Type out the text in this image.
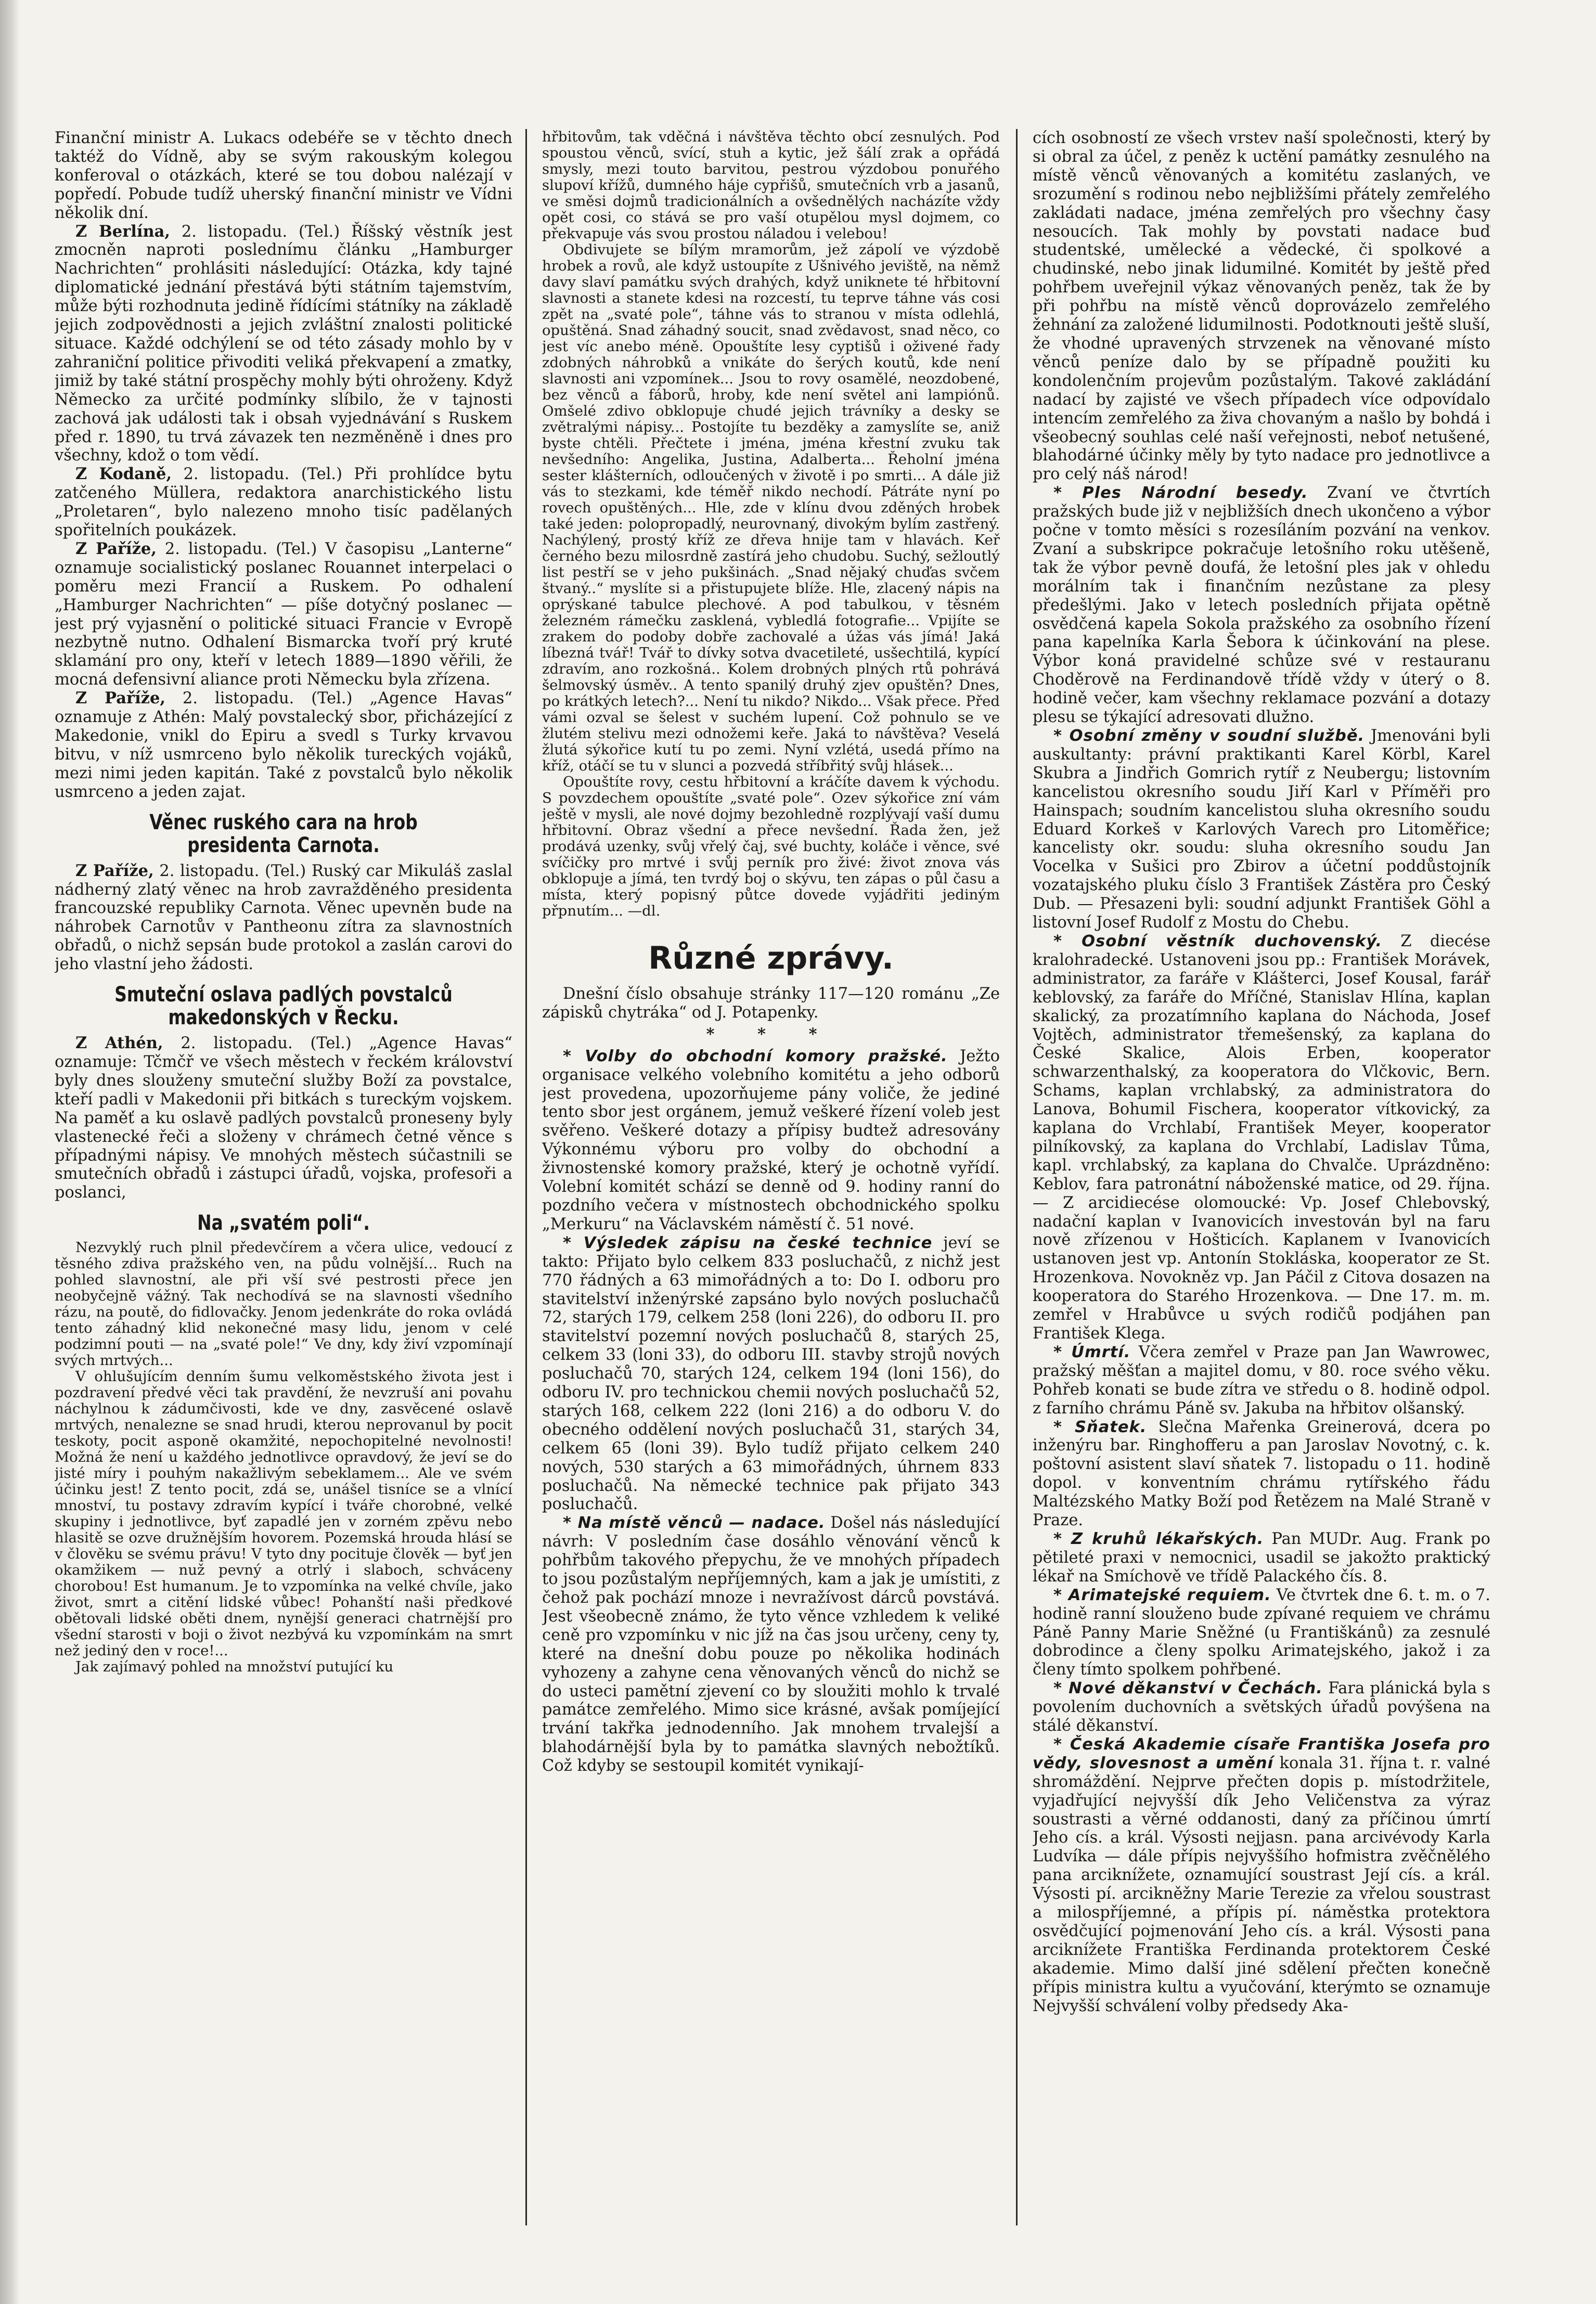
Finanční ministr A. Lukacs odebéře se v těchto dnech taktéž do Vídně, aby se svým rakouským kolegou konferoval o otázkách, které se tou dobou nalézají v popředí. Pobude tudíž uherský finanční ministr ve Vídni několik dní.

Z Berlína, 2. listopadu. (Tel.) Říšský věstník jest zmocněn naproti poslednímu článku „Hamburger Nachrichten“ prohlásiti následující: Otázka, kdy tajné diplomatické jednání přestává býti státním tajemstvím, může býti rozhodnuta jedině řídícími státníky na základě jejich zodpovědnosti a jejich zvláštní znalosti politické situace. Každé odchýlení se od této zásady mohlo by v zahraniční politice přivoditi veliká překvapení a zmatky, jimiž by také státní prospěchy mohly býti ohroženy. Když Německo za určité podmínky slíbilo, že v tajnosti zachová jak události tak i obsah vyjednávání s Ruskem před r. 1890, tu trvá závazek ten nezměněně i dnes pro všechny, kdož o tom vědí.

Z Kodaně, 2. listopadu. (Tel.) Při prohlídce bytu zatčeného Müllera, redaktora anarchistického listu „Proletaren“, bylo nalezeno mnoho tisíc padělaných spořitelních poukázek.

Z Paříže, 2. listopadu. (Tel.) V časopisu „Lanterne“ oznamuje socialistický poslanec Rouannet interpelaci o poměru mezi Francií a Ruskem. Po odhalení „Hamburger Nachrichten“ — píše dotyčný poslanec — jest prý vyjasnění o politické situaci Francie v Evropě nezbytně nutno. Odhalení Bismarcka tvoří prý kruté sklamání pro ony, kteří v letech 1889—1890 věřili, že mocná defensivní aliance proti Německu byla zřízena.

Z Paříže, 2. listopadu. (Tel.) „Agence Havas“ oznamuje z Athén: Malý povstalecký sbor, přicházející z Makedonie, vnikl do Epiru a svedl s Turky krvavou bitvu, v níž usmrceno bylo několik tureckých vojáků, mezi nimi jeden kapitán. Také z povstalců bylo několik usmrceno a jeden zajat.

Věnec ruského cara na hrob presidenta Carnota.

Z Paříže, 2. listopadu. (Tel.) Ruský car Mikuláš zaslal nádherný zlatý věnec na hrob zavražděného presidenta francouzské republiky Carnota. Věnec upevněn bude na náhrobek Carnotův v Pantheonu zítra za slavnostních obřadů, o nichž sepsán bude protokol a zaslán carovi do jeho vlastní jeho žádosti.

Smuteční oslava padlých povstalců makedonských v Řecku.

Z Athén, 2. listopadu. (Tel.) „Agence Havas“ oznamuje: Tčmčř ve všech městech v řeckém království byly dnes slouženy smuteční služby Boží za povstalce, kteří padli v Makedonii při bitkách s tureckým vojskem. Na paměť a ku oslavě padlých povstalců proneseny byly vlastenecké řeči a složeny v chrámech četné věnce s případnými nápisy. Ve mnohých městech súčastnili se smutečních obřadů i zástupci úřadů, vojska, profesoři a poslanci,

Na „svatém poli“.

Nezvyklý ruch plnil předevčírem a včera ulice, vedoucí z těsného zdiva pražského ven, na půdu volnější... Ruch na pohled slavnostní, ale při vší své pestrosti přece jen neobyčejně vážný. Tak nechodívá se na slavnosti všedního rázu, na poutě, do fidlovačky. Jenom jedenkráte do roka ovládá tento záhadný klid nekonečné masy lidu, jenom v celé podzimní pouti — na „svaté pole!“ Ve dny, kdy živí vzpomínají svých mrtvých...

V ohlušujícím denním šumu velkoměstského života jest i pozdravení předvé věci tak pravdění, že nevzruší ani povahu náchylnou k zádumčivosti, kde ve dny, zasvěcené oslavě mrtvých, nenalezne se snad hrudi, kterou neprovanul by pocit teskoty, pocit asponě okamžité, nepochopitelné nevolnosti! Možná že není u každého jednotlivce opravdový, že jeví se do jisté míry i pouhým nakažlivým sebeklamem... Ale ve svém účinku jest! Z tento pocit, zdá se, unášel tisníce se a vlnící mnoství, tu postavy zdravím kypící i tváře chorobné, velké skupiny i jednotlivce, byť zapadlé jen v zorném zpěvu nebo hlasitě se ozve družnějším hovorem. Pozemská hrouda hlásí se v člověku se svému právu! V tyto dny pocituje člověk — byť jen okamžikem — nuž pevný a otrlý i slaboch, schváceny chorobou! Est humanum. Je to vzpomínka na velké chvíle, jako život, smrt a citění lidské vůbec! Pohanští naši předkové obětovali lidské oběti dnem, nynější generaci chatrnější pro všední starosti v boji o život nezbývá ku vzpomínkám na smrt než jediný den v roce!...

Jak zajímavý pohled na množství putující ku

hřbitovům, tak vděčná i návštěva těchto obcí zesnulých. Pod spoustou věnců, svící, stuh a kytic, jež šálí zrak a opřádá smysly, mezi touto barvitou, pestrou výzdobou ponuřého slupoví křížů, dumného háje cypřišů, smutečních vrb a jasanů, ve směsi dojmů tradicionálních a ovšednělých nacházíte vždy opět cosi, co stává se pro vaší otupělou mysl dojmem, co překvapuje vás svou prostou náladou i velebou!

Obdivujete se bílým mramorům, jež zápolí ve výzdobě hrobek a rovů, ale když ustoupíte z Ušnivého jeviště, na němž davy slaví památku svých drahých, když uniknete té hřbitovní slavnosti a stanete kdesi na rozcestí, tu teprve táhne vás cosi zpět na „svaté pole“, táhne vás to stranou v místa odlehlá, opuštěná. Snad záhadný soucit, snad zvědavost, snad něco, co jest víc anebo méně. Opouštíte lesy cyptišů i oživené řady zdobných náhrobků a vnikáte do šerých koutů, kde není slavnosti ani vzpomínek... Jsou to rovy osamělé, neozdobené, bez věnců a fáborů, hroby, kde není světel ani lampiónů. Omšelé zdivo obklopuje chudé jejich trávníky a desky se zvětralými nápisy... Postojíte tu bezděky a zamyslíte se, aniž byste chtěli. Přečtete i jména, jména křestní zvuku tak nevšedního: Angelika, Justina, Adalberta... Řeholní jména sester klášterních, odloučených v životě i po smrti... A dále již vás to stezkami, kde téměř nikdo nechodí. Pátráte nyní po rovech opuštěných... Hle, zde v klínu dvou zděných hrobek také jeden: polopropadlý, neurovnaný, divokým bylím zastřený. Nachýlený, prostý kříž ze dřeva hnije tam v hlavách. Keř černého bezu milosrdně zastírá jeho chudobu. Suchý, sežloutlý list pestří se v jeho pukšinách. „Snad nějaký chuďas svčem štvaný..“ myslíte si a přistupujete blíže. Hle, zlacený nápis na oprýskané tabulce plechové. A pod tabulkou, v těsném železném rámečku zasklená, vybledlá fotografie... Vpijíte se zrakem do podoby dobře zachovalé a úžas vás jímá! Jaká líbezná tvář! Tvář to dívky sotva dvacetileté, usšechtilá, kypící zdravím, ano rozkošná.. Kolem drobných plných rtů pohrává šelmovský úsměv.. A tento spanilý druhý zjev opuštěn? Dnes, po krátkých letech?... Není tu nikdo? Nikdo... Však přece. Před vámi ozval se šelest v suchém lupení. Což pohnulo se ve žlutém stelivu mezi odnožemi keře. Jaká to návštěva? Veselá žlutá sýkořice kutí tu po zemi. Nyní vzlétá, usedá přímo na kříž, otáčí se tu v slunci a pozvedá stříbřitý svůj hlásek...

Opouštíte rovy, cestu hřbitovní a kráčíte davem k východu. S povzdechem opouštíte „svaté pole“. Ozev sýkořice zní vám ještě v mysli, ale nové dojmy bezohledně rozplývají vaší dumu hřbitovní. Obraz všední a přece nevšední. Řada žen, jež prodává uzenky, svůj vřelý čaj, své buchty, koláče i věnce, své svíčičky pro mrtvé i svůj perník pro živé: život znova vás obklopuje a jímá, ten tvrdý boj o skývu, ten zápas o půl času a místa, který popisný půtce dovede vyjádřiti jediným přpnutím... —dl.

Různé zprávy.

Dnešní číslo obsahuje stránky 117—120 románu „Ze zápisků chytráka“ od J. Potapenky.

* * *

* Volby do obchodní komory pražské. Ježto organisace velkého volebního komitétu a jeho odborů jest provedena, upozorňujeme pány voliče, že jediné tento sbor jest orgánem, jemuž veškeré řízení voleb jest svěřeno. Veškeré dotazy a přípisy budtež adresovány Výkonnému výboru pro volby do obchodní a živnostenské komory pražské, který je ochotně vyřídí. Volební komitét schází se denně od 9. hodiny ranní do pozdního večera v místnostech obchodnického spolku „Merkuru“ na Václavském náměstí č. 51 nové.

* Výsledek zápisu na české technice jeví se takto: Přijato bylo celkem 833 posluchačů, z nichž jest 770 řádných a 63 mimořádných a to: Do I. odboru pro stavitelství inženýrské zapsáno bylo nových posluchačů 72, starých 179, celkem 258 (loni 226), do odboru II. pro stavitelství pozemní nových posluchačů 8, starých 25, celkem 33 (loni 33), do odboru III. stavby strojů nových posluchačů 70, starých 124, celkem 194 (loni 156), do odboru IV. pro technickou chemii nových posluchačů 52, starých 168, celkem 222 (loni 216) a do odboru V. do obecného oddělení nových posluchačů 31, starých 34, celkem 65 (loni 39). Bylo tudíž přijato celkem 240 nových, 530 starých a 63 mimořádných, úhrnem 833 posluchačů. Na německé technice pak přijato 343 posluchačů.

* Na místě věnců — nadace. Došel nás následující návrh: V posledním čase dosáhlo věnování věnců k pohřbům takového přepychu, že ve mnohých případech to jsou pozůstalým nepříjemných, kam a jak je umístiti, z čehož pak pochází mnoze i nevražívost dárců povstává. Jest všeobecně známo, že tyto věnce vzhledem k veliké ceně pro vzpomínku v nic jíž na čas jsou určeny, ceny ty, které na dnešní dobu pouze po několika hodinách vyhozeny a zahyne cena věnovaných věnců do nichž se do usteci pamětní zjevení co by sloužiti mohlo k trvalé památce zemřelého. Mimo sice krásné, avšak pomíjející trvání takřka jednodenního. Jak mnohem trvalejší a blahodárnější byla by to památka slavných nebožtíků. Což kdyby se sestoupil komitét vynikají-

cích osobností ze všech vrstev naší společnosti, který by si obral za účel, z peněz k uctění památky zesnulého na místě věnců věnovaných a komitétu zaslaných, ve srozumění s rodinou nebo nejbližšími přátely zemřelého zakládati nadace, jména zemřelých pro všechny časy nesoucích. Tak mohly by povstati nadace buď studentské, umělecké a vědecké, či spolkové a chudinské, nebo jinak lidumilné. Komitét by ještě před pohřbem uveřejnil výkaz věnovaných peněz, tak že by při pohřbu na místě věnců doprovázelo zemřelého žehnání za založené lidumilnosti. Podotknouti ještě sluší, že vhodné upravených strvzenek na věnované místo věnců peníze dalo by se případně použiti ku kondolenčním projevům pozůstalým. Takové zakládání nadací by zajisté ve všech případech více odpovídalo intencím zemřelého za živa chovaným a našlo by bohdá i všeobecný souhlas celé naší veřejnosti, neboť netušené, blahodárné účinky měly by tyto nadace pro jednotlivce a pro celý náš národ!

* Ples Národní besedy. Zvaní ve čtvrtích pražských bude již v nejbližších dnech ukončeno a výbor počne v tomto měsíci s rozesíláním pozvání na venkov. Zvaní a subskripce pokračuje letošního roku utěšeně, tak že výbor pevně doufá, že letošní ples jak v ohledu morálním tak i finančním nezůstane za plesy předešlými. Jako v letech posledních přijata opětně osvědčená kapela Sokola pražského za osobního řízení pana kapelníka Karla Šebora k účinkování na plese. Výbor koná pravidelné schůze své v restauranu Choděrově na Ferdinandově třídě vždy v úterý o 8. hodině večer, kam všechny reklamace pozvání a dotazy plesu se týkající adresovati dlužno.

* Osobní změny v soudní službě. Jmenováni byli auskultanty: právní praktikanti Karel Körbl, Karel Skubra a Jindřich Gomrich rytíř z Neubergu; listovním kancelistou okresního soudu Jiří Karl v Příměři pro Hainspach; soudním kancelistou sluha okresního soudu Eduard Korkeš v Karlových Varech pro Litoměřice; kancelisty okr. soudu: sluha okresního soudu Jan Vocelka v Sušici pro Zbirov a účetní poddůstojník vozatajského pluku číslo 3 František Zástěra pro Český Dub. — Přesazeni byli: soudní adjunkt František Göhl a listovní Josef Rudolf z Mostu do Chebu.

* Osobní věstník duchovenský. Z diecése kralohradecké. Ustanoveni jsou pp.: František Morávek, administrator, za faráře v Klášterci, Josef Kousal, farář keblovský, za faráře do Mříčné, Stanislav Hlína, kaplan skalický, za prozatímního kaplana do Náchoda, Josef Vojtěch, administrator třemešenský, za kaplana do České Skalice, Alois Erben, kooperator schwarzenthalský, za kooperatora do Vlčkovic, Bern. Schams, kaplan vrchlabský, za administratora do Lanova, Bohumil Fischera, kooperator vítkovický, za kaplana do Vrchlabí, František Meyer, kooperator pilníkovský, za kaplana do Vrchlabí, Ladislav Tůma, kapl. vrchlabský, za kaplana do Chvalče. Uprázdněno: Keblov, fara patronátní náboženské matice, od 29. října. — Z arcidiecése olomoucké: Vp. Josef Chlebovský, nadační kaplan v Ivanovicích investován byl na faru nově zřízenou v Hošticích. Kaplanem v Ivanovicích ustanoven jest vp. Antonín Stokláska, kooperator ze St. Hrozenkova. Novokněz vp. Jan Páčil z Citova dosazen na kooperatora do Starého Hrozenkova. — Dne 17. m. m. zemřel v Hrabůvce u svých rodičů podjáhen pan František Klega.

* Úmrtí. Včera zemřel v Praze pan Jan Wawrowec, pražský měšťan a majitel domu, v 80. roce svého věku. Pohřeb konati se bude zítra ve středu o 8. hodině odpol. z farního chrámu Páně sv. Jakuba na hřbitov olšanský.

* Sňatek. Slečna Mařenka Greinerová, dcera po inženýru bar. Ringhofferu a pan Jaroslav Novotný, c. k. poštovní asistent slaví sňatek 7. listopadu o 11. hodině dopol. v konventním chrámu rytířského řádu Maltézského Matky Boží pod Řetězem na Malé Straně v Praze.

* Z kruhů lékařských. Pan MUDr. Aug. Frank po pětileté praxi v nemocnici, usadil se jakožto praktický lékař na Smíchově ve třídě Palackého čís. 8.

* Arimatejské requiem. Ve čtvrtek dne 6. t. m. o 7. hodině ranní slouženo bude zpívané requiem ve chrámu Páně Panny Marie Sněžné (u Františkánů) za zesnulé dobrodince a členy spolku Arimatejského, jakož i za členy tímto spolkem pohřbené.

* Nové děkanství v Čechách. Fara plánická byla s povolením duchovních a světských úřadů povýšena na stálé děkanství.

* Česká Akademie císaře Františka Josefa pro vědy, slovesnost a umění konala 31. října t. r. valné shromáždění. Nejprve přečten dopis p. místodržitele, vyjadřující nejvyšší dík Jeho Veličenstva za výraz soustrasti a věrné oddanosti, daný za příčinou úmrtí Jeho cís. a král. Výsosti nejjasn. pana arcivévody Karla Ludvíka — dále přípis nejvyššího hofmistra zvěčnělého pana arciknížete, oznamující soustrast Její cís. a král. Výsosti pí. arcikněžny Marie Terezie za vřelou soustrast a milospříjemné, a přípis pí. náměstka protektora osvědčující pojmenování Jeho cís. a král. Výsosti pana arciknížete Františka Ferdinanda protektorem České akademie. Mimo další jiné sdělení přečten konečně přípis ministra kultu a vyučování, kterýmto se oznamuje Nejvyšší schválení volby předsedy Aka-
